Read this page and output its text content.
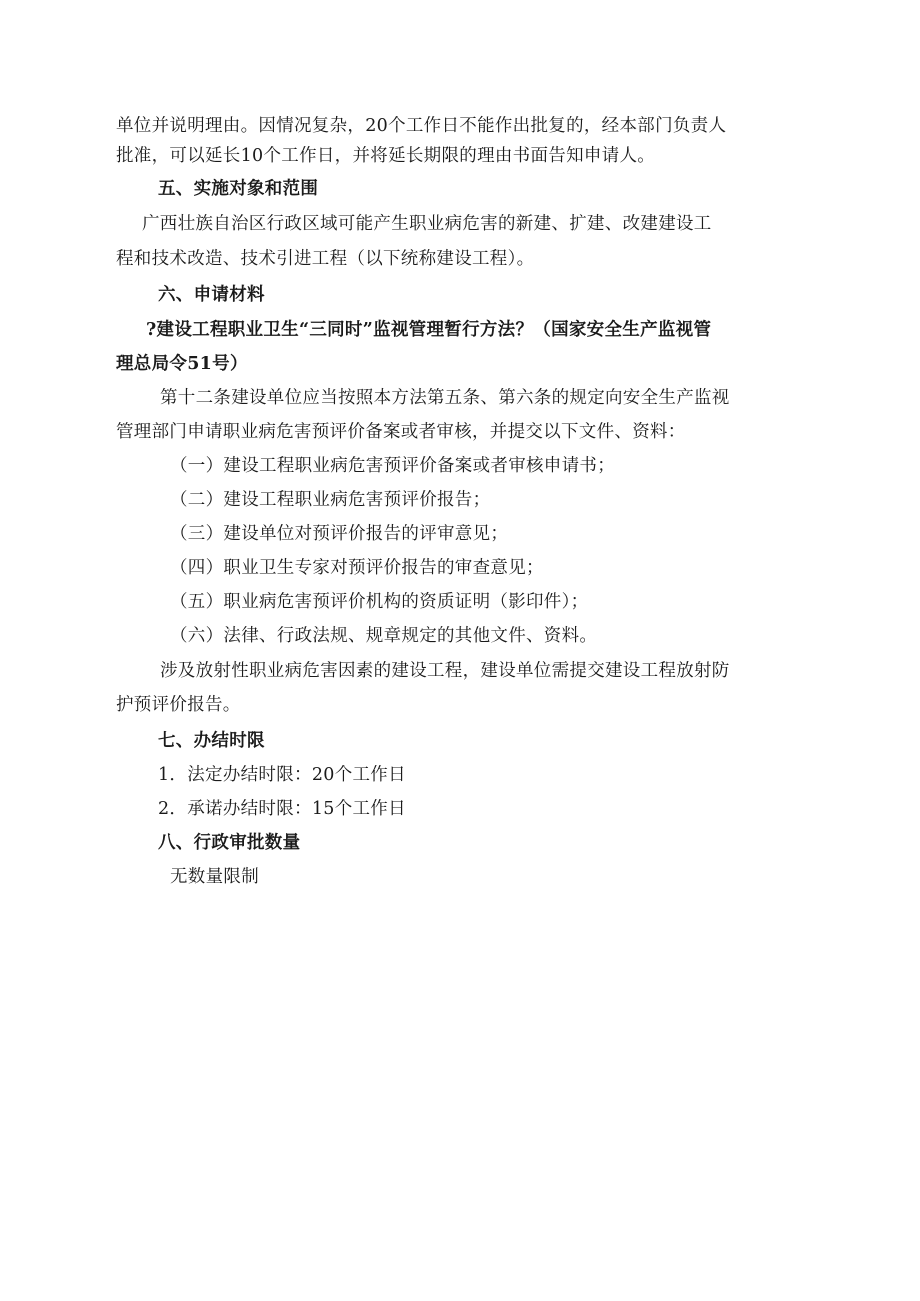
单位并说明理由。因情况复杂，20个工作日不能作出批复的，经本部门负责人
批准，可以延长10个工作日，并将延长期限的理由书面告知申请人。
五、实施对象和范围
广西壮族自治区行政区域可能产生职业病危害的新建、扩建、改建建设工
程和技术改造、技术引进工程（以下统称建设工程）。
六、申请材料
?建设工程职业卫生“三同时”监视管理暂行方法？（国家安全生产监视管
理总局令51号）
第十二条建设单位应当按照本方法第五条、第六条的规定向安全生产监视
管理部门申请职业病危害预评价备案或者审核，并提交以下文件、资料：
（一）建设工程职业病危害预评价备案或者审核申请书；
（二）建设工程职业病危害预评价报告；
（三）建设单位对预评价报告的评审意见；
（四）职业卫生专家对预评价报告的审查意见；
（五）职业病危害预评价机构的资质证明（影印件）；
（六）法律、行政法规、规章规定的其他文件、资料。
涉及放射性职业病危害因素的建设工程，建设单位需提交建设工程放射防
护预评价报告。
七、办结时限
1．法定办结时限：20个工作日
2．承诺办结时限：15个工作日
八、行政审批数量
无数量限制
